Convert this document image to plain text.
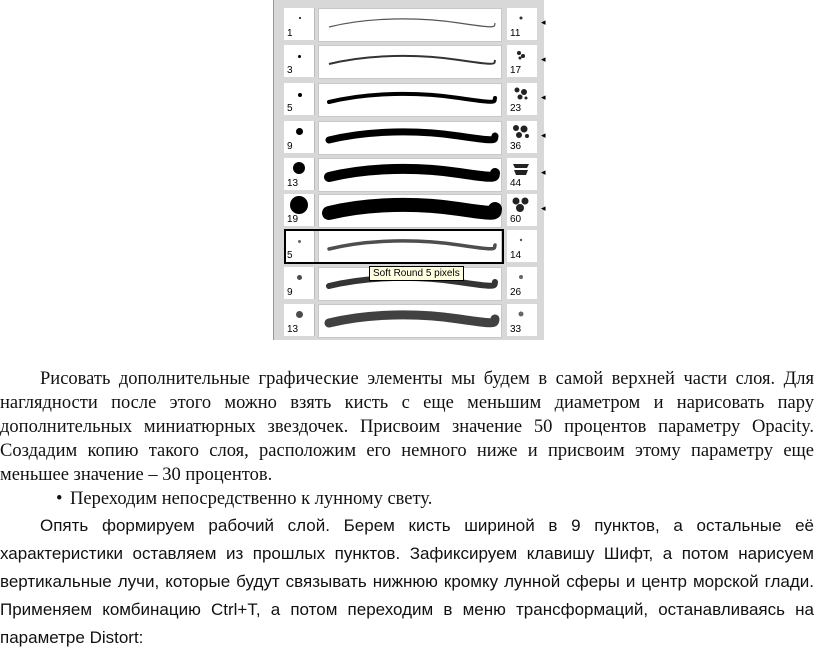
1	11
◂
3	17
◂
5	23
◂
9	36
◂
13	44
◂
19	60
◂
5	14
9	26
13	33
Soft Round 5 pixels

Рисовать дополнительные графические элементы мы будем в самой верхней части слоя. Для наглядности после этого можно взять кисть с еще меньшим диаметром и нарисовать пару дополнительных миниатюрных звездочек. Присвоим значение 50 процентов параметру Opacity. Создадим копию такого слоя, расположим его немного ниже и присвоим этому параметру еще меньшее значение – 30 процентов.

• Переходим непосредственно к лунному свету.

Опять формируем рабочий слой. Берем кисть шириной в 9 пунктов, а остальные её характеристики оставляем из прошлых пунктов. Зафиксируем клавишу Шифт, а потом нарисуем вертикальные лучи, которые будут связывать нижнюю кромку лунной сферы и центр морской глади. Применяем комбинацию Ctrl+T, а потом переходим в меню трансформаций, останавливаясь на параметре Distort:
